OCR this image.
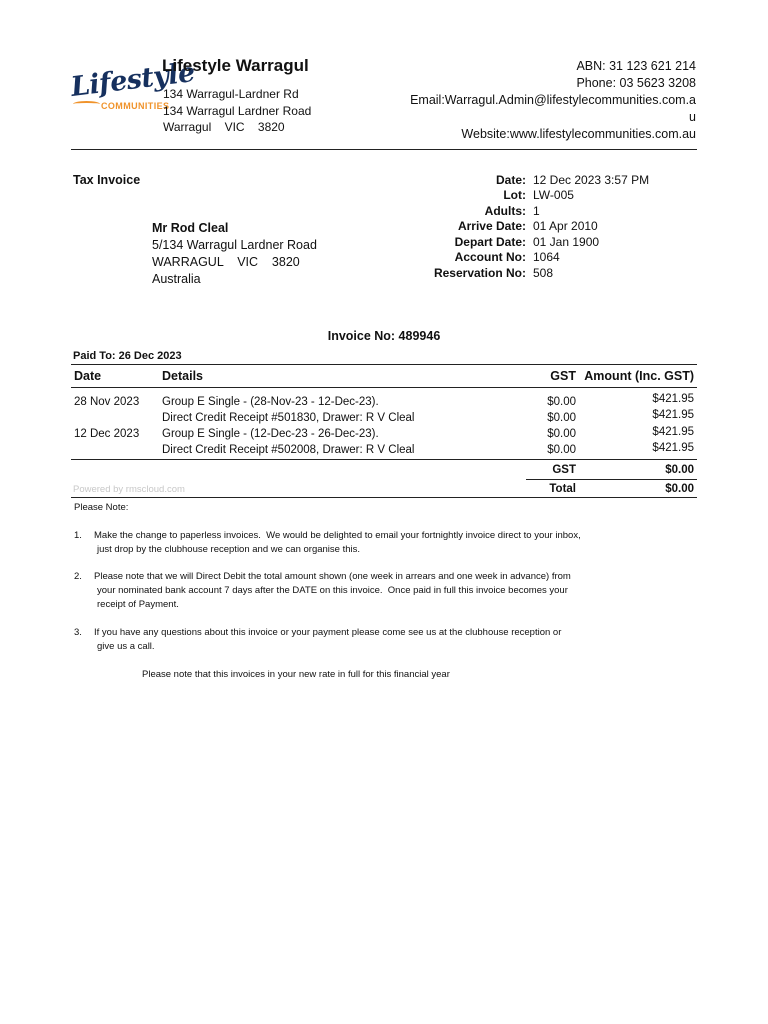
Lifestyle
COMMUNITIES
Lifestyle Warragul
134 Warragul-Lardner Rd
134 Warragul Lardner Road
Warragul    VIC    3820
ABN: 31 123 621 214
Phone: 03 5623 3208
Email:Warragul.Admin@lifestylecommunities.com.a
u
Website:www.lifestylecommunities.com.au
Tax Invoice
Mr Rod Cleal
5/134 Warragul Lardner Road
WARRAGUL    VIC    3820
Australia
Date: 12 Dec 2023 3:57 PM
Lot: LW-005
Adults: 1
Arrive Date: 01 Apr 2010
Depart Date: 01 Jan 1900
Account No: 1064
Reservation No: 508
Invoice No: 489946
Paid To: 26 Dec 2023
Date	Details	GST Amount (Inc. GST)
28 Nov 2023 Group E Single - (28-Nov-23 - 12-Dec-23).	$0.00	$421.95
Direct Credit Receipt #501830, Drawer: R V Cleal	$0.00	$421.95
12 Dec 2023 Group E Single - (12-Dec-23 - 26-Dec-23).	$0.00	$421.95
Direct Credit Receipt #502008, Drawer: R V Cleal	$0.00	$421.95
GST	$0.00
Total	$0.00
Powered by rmscloud.com
Please Note:
1. Make the change to paperless invoices.  We would be delighted to email your fortnightly invoice direct to your inbox,
just drop by the clubhouse reception and we can organise this.
2. Please note that we will Direct Debit the total amount shown (one week in arrears and one week in advance) from
your nominated bank account 7 days after the DATE on this invoice.  Once paid in full this invoice becomes your
receipt of Payment.
3. If you have any questions about this invoice or your payment please come see us at the clubhouse reception or
give us a call.
Please note that this invoices in your new rate in full for this financial year
